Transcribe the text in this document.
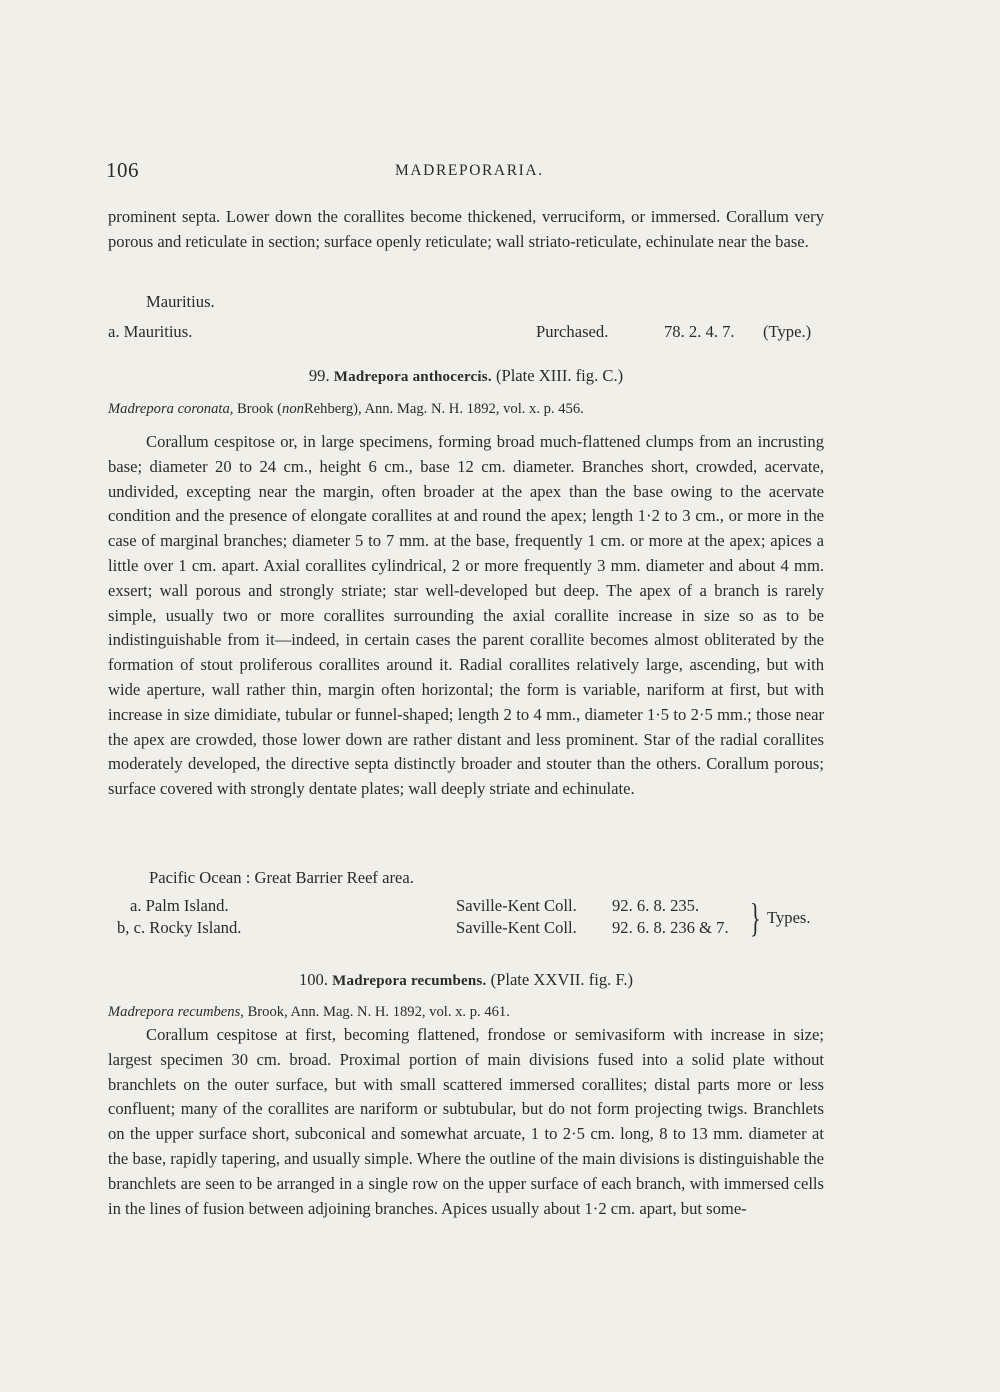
106	MADREPORARIA.

prominent septa. Lower down the corallites become thickened, verruciform, or immersed. Corallum very porous and reticulate in section; surface openly reticulate; wall striato-reticulate, echinulate near the base.

Mauritius.
a. Mauritius.	Purchased.	78. 2. 4. 7. (Type.)
99. Madrepora anthocercis. (Plate XIII. fig. C.)
Madrepora coronata, Brook (nonRehberg), Ann. Mag. N. H. 1892, vol. x. p. 456.

Corallum cespitose or, in large specimens, forming broad much-flattened clumps from an incrusting base; diameter 20 to 24 cm., height 6 cm., base 12 cm. diameter. Branches short, crowded, acervate, undivided, excepting near the margin, often broader at the apex than the base owing to the acervate condition and the presence of elongate corallites at and round the apex; length 1·2 to 3 cm., or more in the case of marginal branches; diameter 5 to 7 mm. at the base, frequently 1 cm. or more at the apex; apices a little over 1 cm. apart. Axial corallites cylindrical, 2 or more frequently 3 mm. diameter and about 4 mm. exsert; wall porous and strongly striate; star well-developed but deep. The apex of a branch is rarely simple, usually two or more corallites surrounding the axial corallite increase in size so as to be indistinguishable from it—indeed, in certain cases the parent corallite becomes almost obliterated by the formation of stout proliferous corallites around it. Radial corallites relatively large, ascending, but with wide aperture, wall rather thin, margin often horizontal; the form is variable, nariform at first, but with increase in size dimidiate, tubular or funnel-shaped; length 2 to 4 mm., diameter 1·5 to 2·5 mm.; those near the apex are crowded, those lower down are rather distant and less prominent. Star of the radial corallites moderately developed, the directive septa distinctly broader and stouter than the others. Corallum porous; surface covered with strongly dentate plates; wall deeply striate and echinulate.

Pacific Ocean : Great Barrier Reef area.
a. Palm Island.	Saville-Kent Coll. 92. 6. 8. 235.
b, c. Rocky Island.	Saville-Kent Coll. 92. 6. 8. 236 & 7. } Types.
100. Madrepora recumbens. (Plate XXVII. fig. F.)
Madrepora recumbens, Brook, Ann. Mag. N. H. 1892, vol. x. p. 461.

Corallum cespitose at first, becoming flattened, frondose or semivasiform with increase in size; largest specimen 30 cm. broad. Proximal portion of main divisions fused into a solid plate without branchlets on the outer surface, but with small scattered immersed corallites; distal parts more or less confluent; many of the corallites are nariform or subtubular, but do not form projecting twigs. Branchlets on the upper surface short, subconical and somewhat arcuate, 1 to 2·5 cm. long, 8 to 13 mm. diameter at the base, rapidly tapering, and usually simple. Where the outline of the main divisions is distinguishable the branchlets are seen to be arranged in a single row on the upper surface of each branch, with immersed cells in the lines of fusion between adjoining branches. Apices usually about 1·2 cm. apart, but some-
